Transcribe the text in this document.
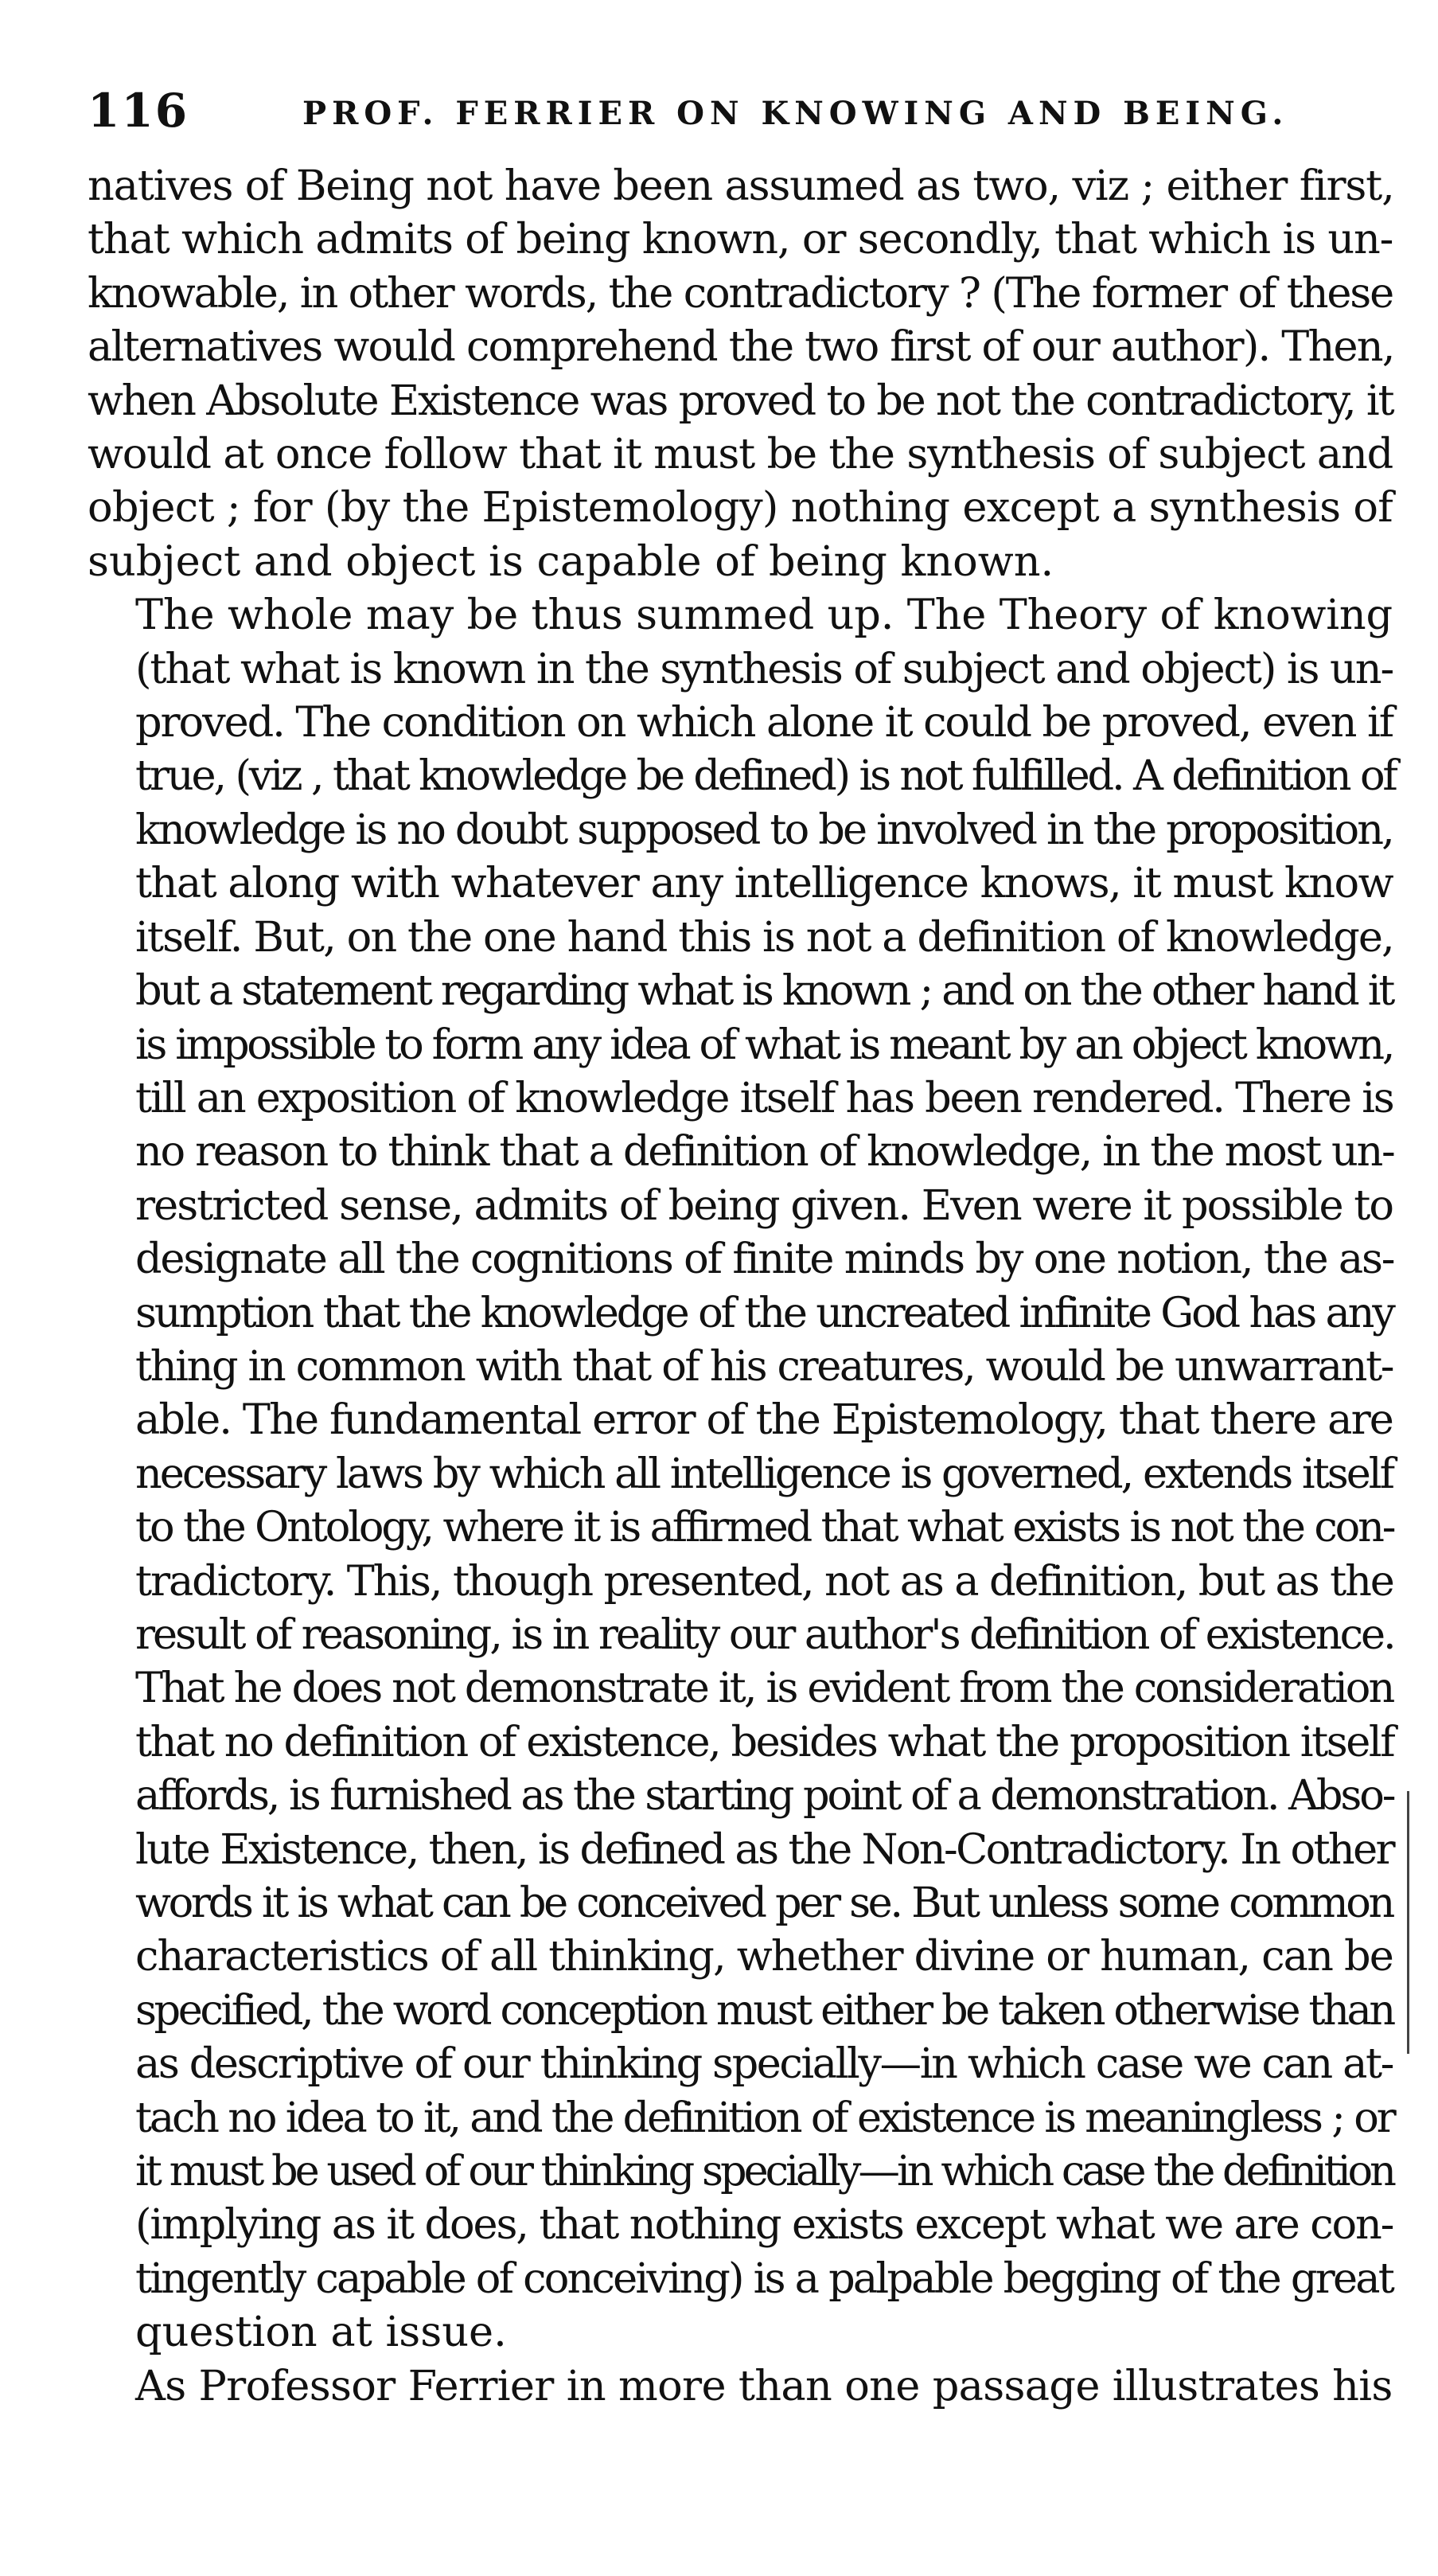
116	PROF. FERRIER ON KNOWING AND BEING.
natives of Being not have been assumed as two, viz ; either first,
that which admits of being known, or secondly, that which is un-
knowable, in other words, the contradictory ? (The former of these
alternatives would comprehend the two first of our author). Then,
when Absolute Existence was proved to be not the contradictory, it
would at once follow that it must be the synthesis of subject and
object ; for (by the Epistemology) nothing except a synthesis of
subject and object is capable of being known.
The whole may be thus summed up. The Theory of knowing
(that what is known in the synthesis of subject and object) is un-
proved. The condition on which alone it could be proved, even if
true, (viz , that knowledge be defined) is not fulfilled. A definition of
knowledge is no doubt supposed to be involved in the proposition,
that along with whatever any intelligence knows, it must know
itself. But, on the one hand this is not a definition of knowledge,
but a statement regarding what is known ; and on the other hand it
is impossible to form any idea of what is meant by an object known,
till an exposition of knowledge itself has been rendered. There is
no reason to think that a definition of knowledge, in the most un-
restricted sense, admits of being given. Even were it possible to
designate all the cognitions of finite minds by one notion, the as-
sumption that the knowledge of the uncreated infinite God has any
thing in common with that of his creatures, would be unwarrant-
able. The fundamental error of the Epistemology, that there are
necessary laws by which all intelligence is governed, extends itself
to the Ontology, where it is affirmed that what exists is not the con-
tradictory. This, though presented, not as a definition, but as the
result of reasoning, is in reality our author's definition of existence.
That he does not demonstrate it, is evident from the consideration
that no definition of existence, besides what the proposition itself
affords, is furnished as the starting point of a demonstration. Abso-
lute Existence, then, is defined as the Non-Contradictory. In other
words it is what can be conceived per se. But unless some common
characteristics of all thinking, whether divine or human, can be
specified, the word conception must either be taken otherwise than
as descriptive of our thinking specially—in which case we can at-
tach no idea to it, and the definition of existence is meaningless ; or
it must be used of our thinking specially—in which case the definition
(implying as it does, that nothing exists except what we are con-
tingently capable of conceiving) is a palpable begging of the great
question at issue.
As Professor Ferrier in more than one passage illustrates his
